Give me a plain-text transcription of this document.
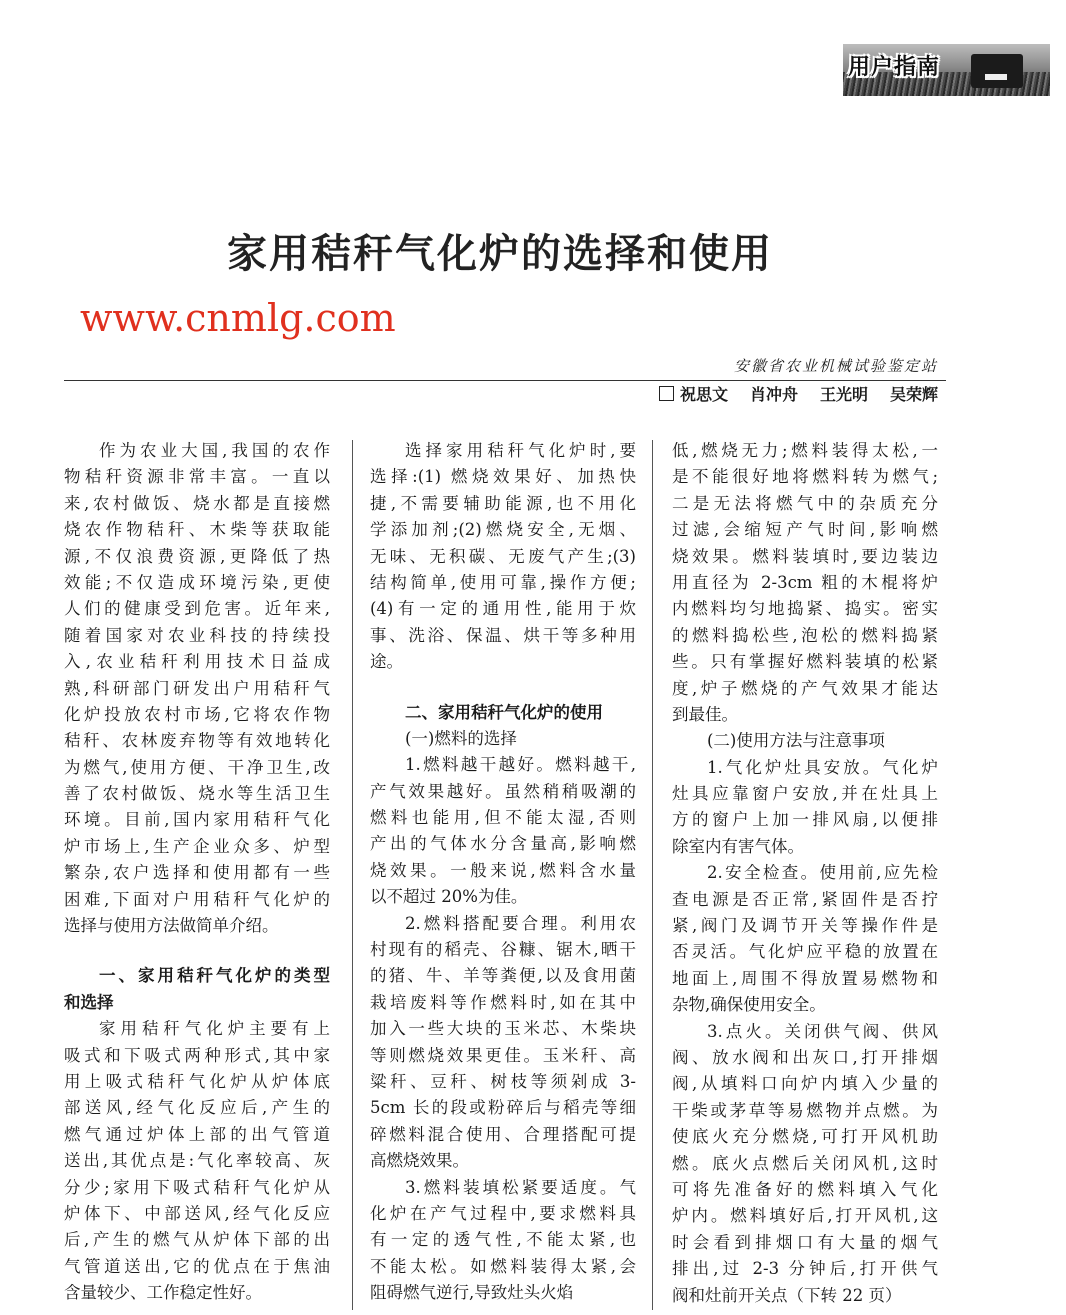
用户指南
家用秸秆气化炉的选择和使用
www.cnmlg.com
安徽省农业机械试验鉴定站
祝思文 肖冲舟 王光明 吴荣辉
作为农业大国,我国的农作
物秸秆资源非常丰富。一直以
来,农村做饭、烧水都是直接燃
烧农作物秸秆、木柴等获取能
源,不仅浪费资源,更降低了热
效能;不仅造成环境污染,更使
人们的健康受到危害。近年来,
随着国家对农业科技的持续投
入,农业秸秆利用技术日益成
熟,科研部门研发出户用秸秆气
化炉投放农村市场,它将农作物
秸秆、农林废弃物等有效地转化
为燃气,使用方便、干净卫生,改
善了农村做饭、烧水等生活卫生
环境。目前,国内家用秸秆气化
炉市场上,生产企业众多、炉型
繁杂,农户选择和使用都有一些
困难,下面对户用秸秆气化炉的
选择与使用方法做简单介绍。
一、家用秸秆气化炉的类型
和选择
家用秸秆气化炉主要有上
吸式和下吸式两种形式,其中家
用上吸式秸秆气化炉从炉体底
部送风,经气化反应后,产生的
燃气通过炉体上部的出气管道
送出,其优点是:气化率较高、灰
分少;家用下吸式秸秆气化炉从
炉体下、中部送风,经气化反应
后,产生的燃气从炉体下部的出
气管道送出,它的优点在于焦油
含量较少、工作稳定性好。
选择家用秸秆气化炉时,要
选择:(1) 燃烧效果好、加热快
捷,不需要辅助能源,也不用化
学添加剂;(2)燃烧安全,无烟、
无味、无积碳、无废气产生;(3)
结构简单,使用可靠,操作方便;
(4)有一定的通用性,能用于炊
事、洗浴、保温、烘干等多种用
途。
二、家用秸秆气化炉的使用
(一)燃料的选择
1.燃料越干越好。燃料越干,
产气效果越好。虽然稍稍吸潮的
燃料也能用,但不能太湿,否则
产出的气体水分含量高,影响燃
烧效果。一般来说,燃料含水量
以不超过 20%为佳。
2.燃料搭配要合理。利用农
村现有的稻壳、谷糠、锯木,晒干
的猪、牛、羊等粪便,以及食用菌
栽培废料等作燃料时,如在其中
加入一些大块的玉米芯、木柴块
等则燃烧效果更佳。玉米秆、高
粱秆、豆秆、树枝等须剁成 3-
5cm 长的段或粉碎后与稻壳等细
碎燃料混合使用、合理搭配可提
高燃烧效果。
3.燃料装填松紧要适度。气
化炉在产气过程中,要求燃料具
有一定的透气性,不能太紧,也
不能太松。如燃料装得太紧,会
阻碍燃气逆行,导致灶头火焰
低,燃烧无力;燃料装得太松,一
是不能很好地将燃料转为燃气;
二是无法将燃气中的杂质充分
过滤,会缩短产气时间,影响燃
烧效果。燃料装填时,要边装边
用直径为 2-3cm 粗的木棍将炉
内燃料均匀地捣紧、捣实。密实
的燃料捣松些,泡松的燃料捣紧
些。只有掌握好燃料装填的松紧
度,炉子燃烧的产气效果才能达
到最佳。
(二)使用方法与注意事项
1.气化炉灶具安放。气化炉
灶具应靠窗户安放,并在灶具上
方的窗户上加一排风扇,以便排
除室内有害气体。
2.安全检查。使用前,应先检
查电源是否正常,紧固件是否拧
紧,阀门及调节开关等操作件是
否灵活。气化炉应平稳的放置在
地面上,周围不得放置易燃物和
杂物,确保使用安全。
3.点火。关闭供气阀、供风
阀、放水阀和出灰口,打开排烟
阀,从填料口向炉内填入少量的
干柴或茅草等易燃物并点燃。为
使底火充分燃烧,可打开风机助
燃。底火点燃后关闭风机,这时
可将先准备好的燃料填入气化
炉内。燃料填好后,打开风机,这
时会看到排烟口有大量的烟气
排出,过 2-3 分钟后,打开供气
阀和灶前开关点（下转 22 页）
